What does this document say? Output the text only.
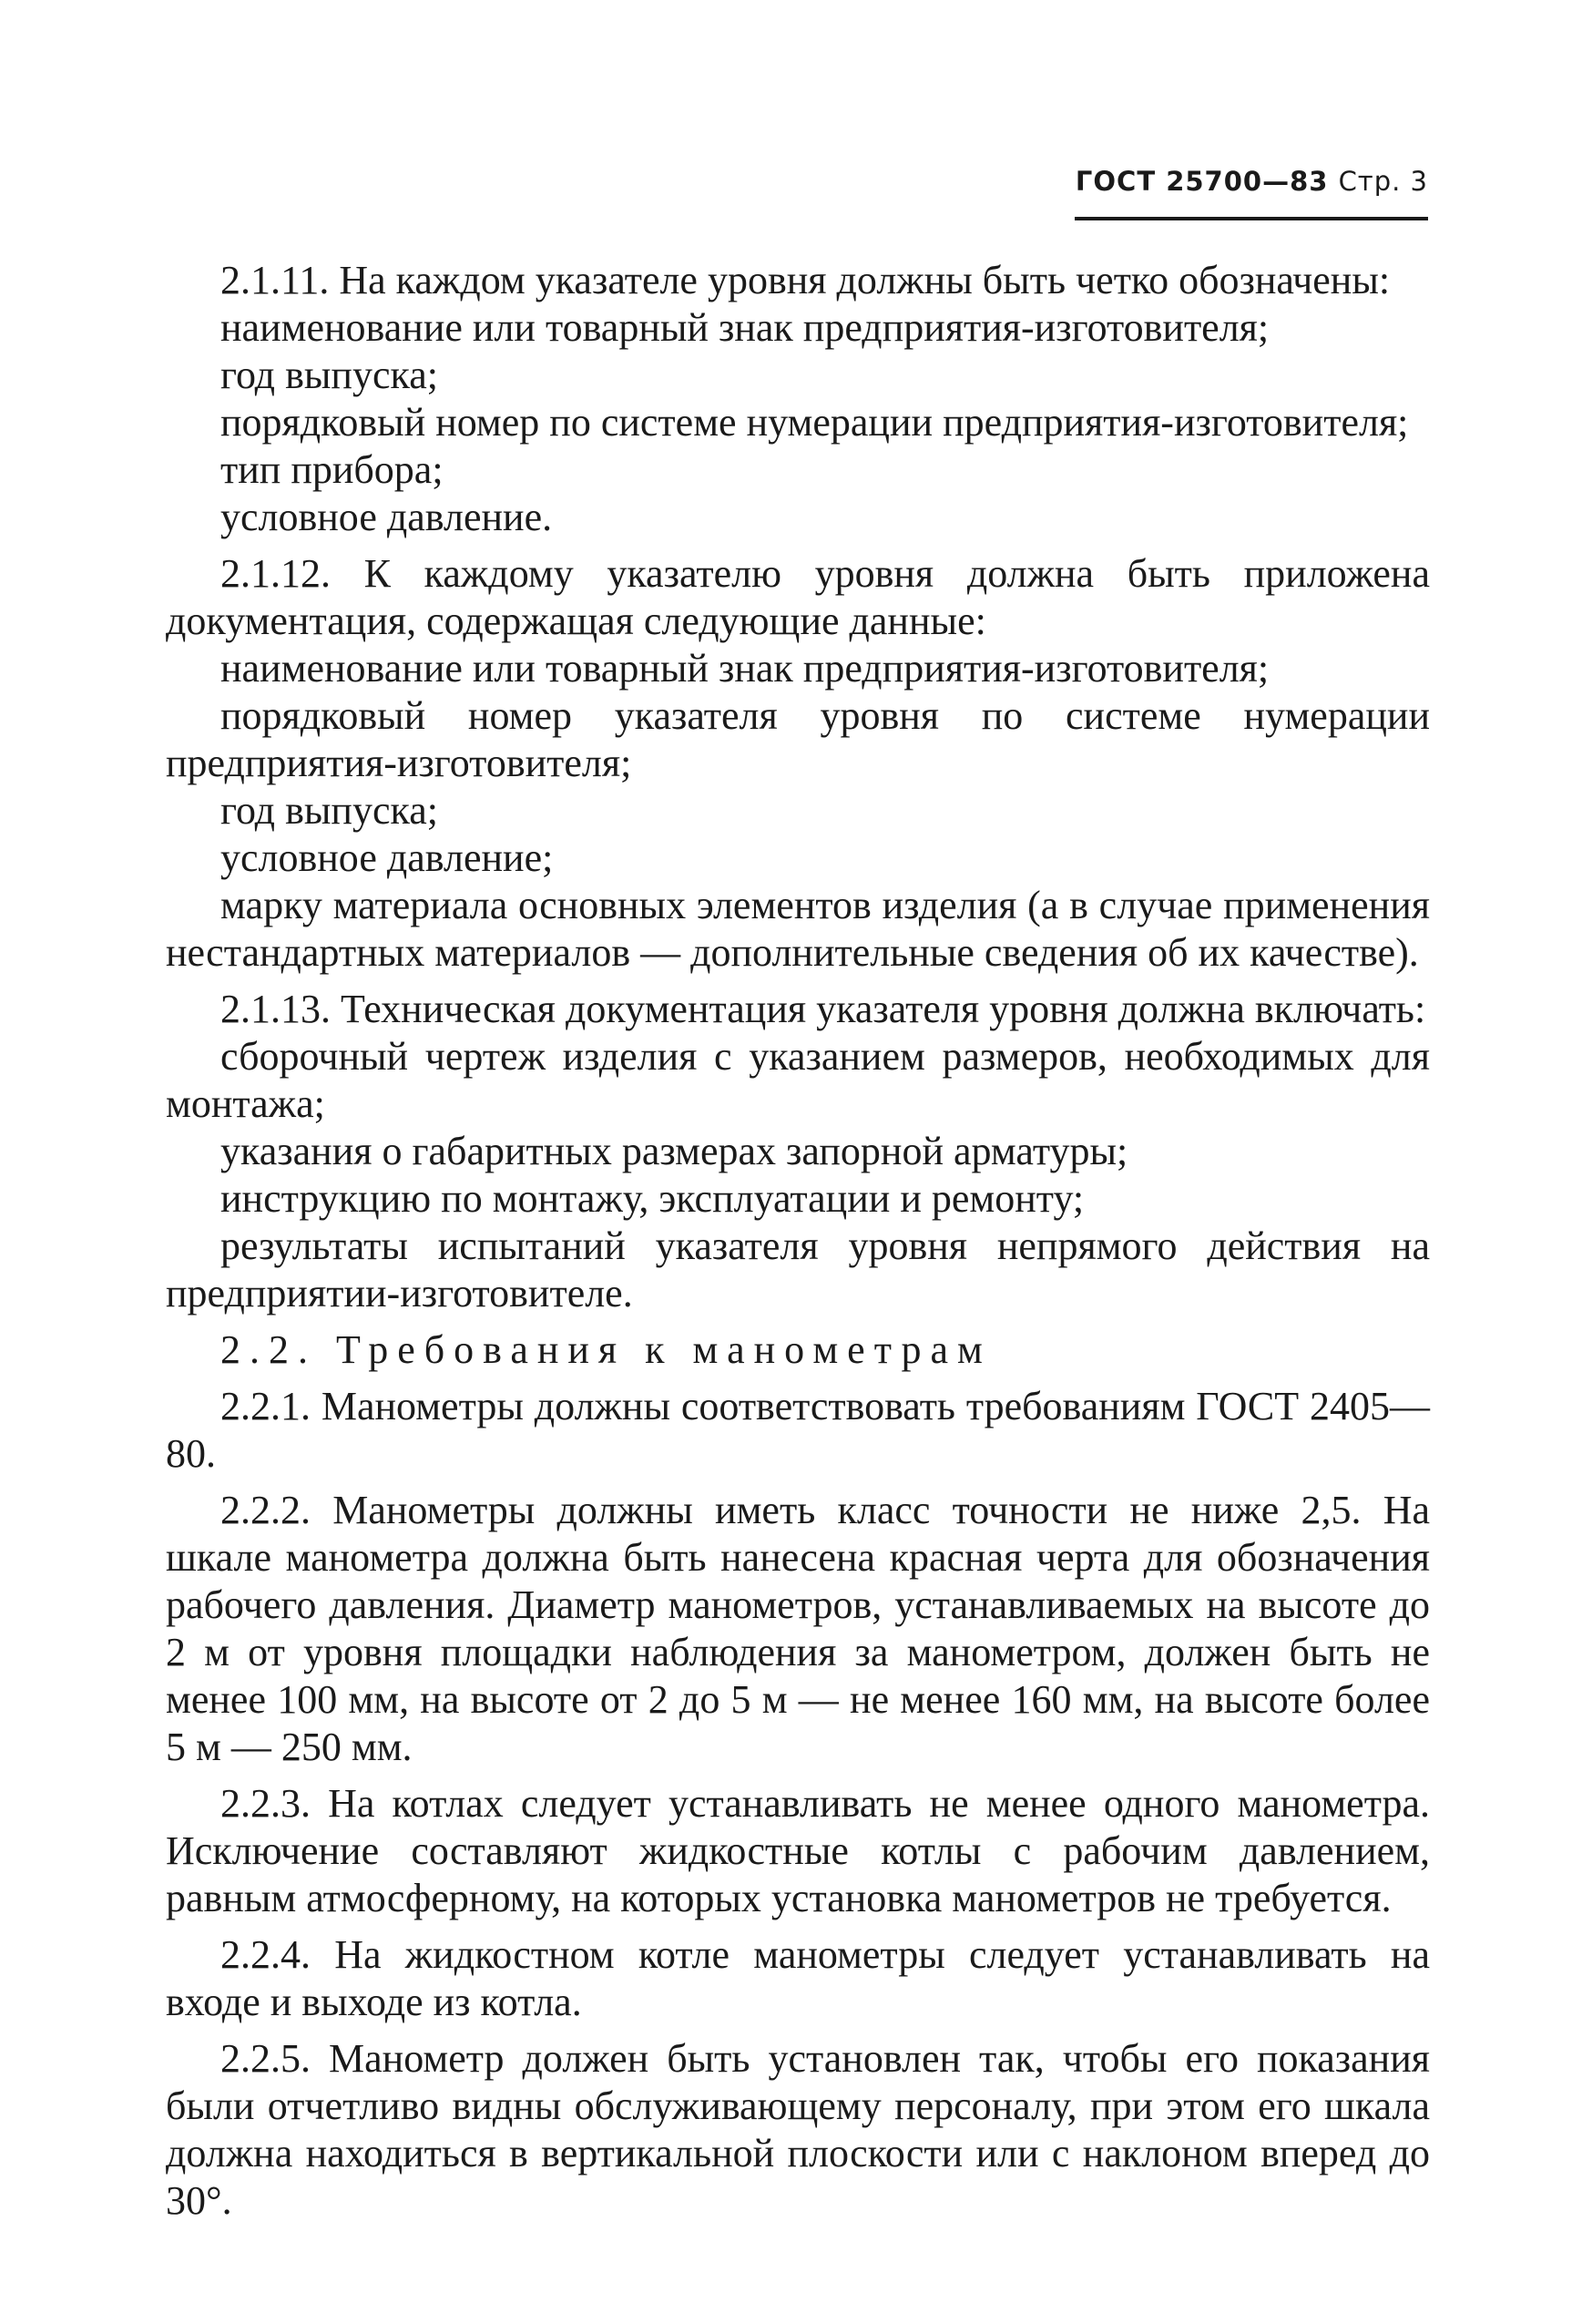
ГОСТ 25700—83 Стр. 3

2.1.11. На каждом указателе уровня должны быть четко обозначены:

наименование или товарный знак предприятия-изготовителя;

год выпуска;

порядковый номер по системе нумерации предприятия-изготовителя;

тип прибора;

условное давление.

2.1.12. К каждому указателю уровня должна быть приложена документация, содержащая следующие данные:

наименование или товарный знак предприятия-изготовителя;

порядковый номер указателя уровня по системе нумерации предприятия-изготовителя;

год выпуска;

условное давление;

марку материала основных элементов изделия (а в случае применения нестандартных материалов — дополнительные сведения об их качестве).

2.1.13. Техническая документация указателя уровня должна включать:

сборочный чертеж изделия с указанием размеров, необходимых для монтажа;

указания о габаритных размерах запорной арматуры;

инструкцию по монтажу, эксплуатации и ремонту;

результаты испытаний указателя уровня непрямого действия на предприятии-изготовителе.

2.2. Требования к манометрам

2.2.1. Манометры должны соответствовать требованиям ГОСТ 2405—80.

2.2.2. Манометры должны иметь класс точности не ниже 2,5. На шкале манометра должна быть нанесена красная черта для обозначения рабочего давления. Диаметр манометров, устанавливаемых на высоте до 2 м от уровня площадки наблюдения за манометром, должен быть не менее 100 мм, на высоте от 2 до 5 м — не менее 160 мм, на высоте более 5 м — 250 мм.

2.2.3. На котлах следует устанавливать не менее одного манометра. Исключение составляют жидкостные котлы с рабочим давлением, равным атмосферному, на которых установка манометров не требуется.

2.2.4. На жидкостном котле манометры следует устанавливать на входе и выходе из котла.

2.2.5. Манометр должен быть установлен так, чтобы его показания были отчетливо видны обслуживающему персоналу, при этом его шкала должна находиться в вертикальной плоскости или с наклоном вперед до 30°.
